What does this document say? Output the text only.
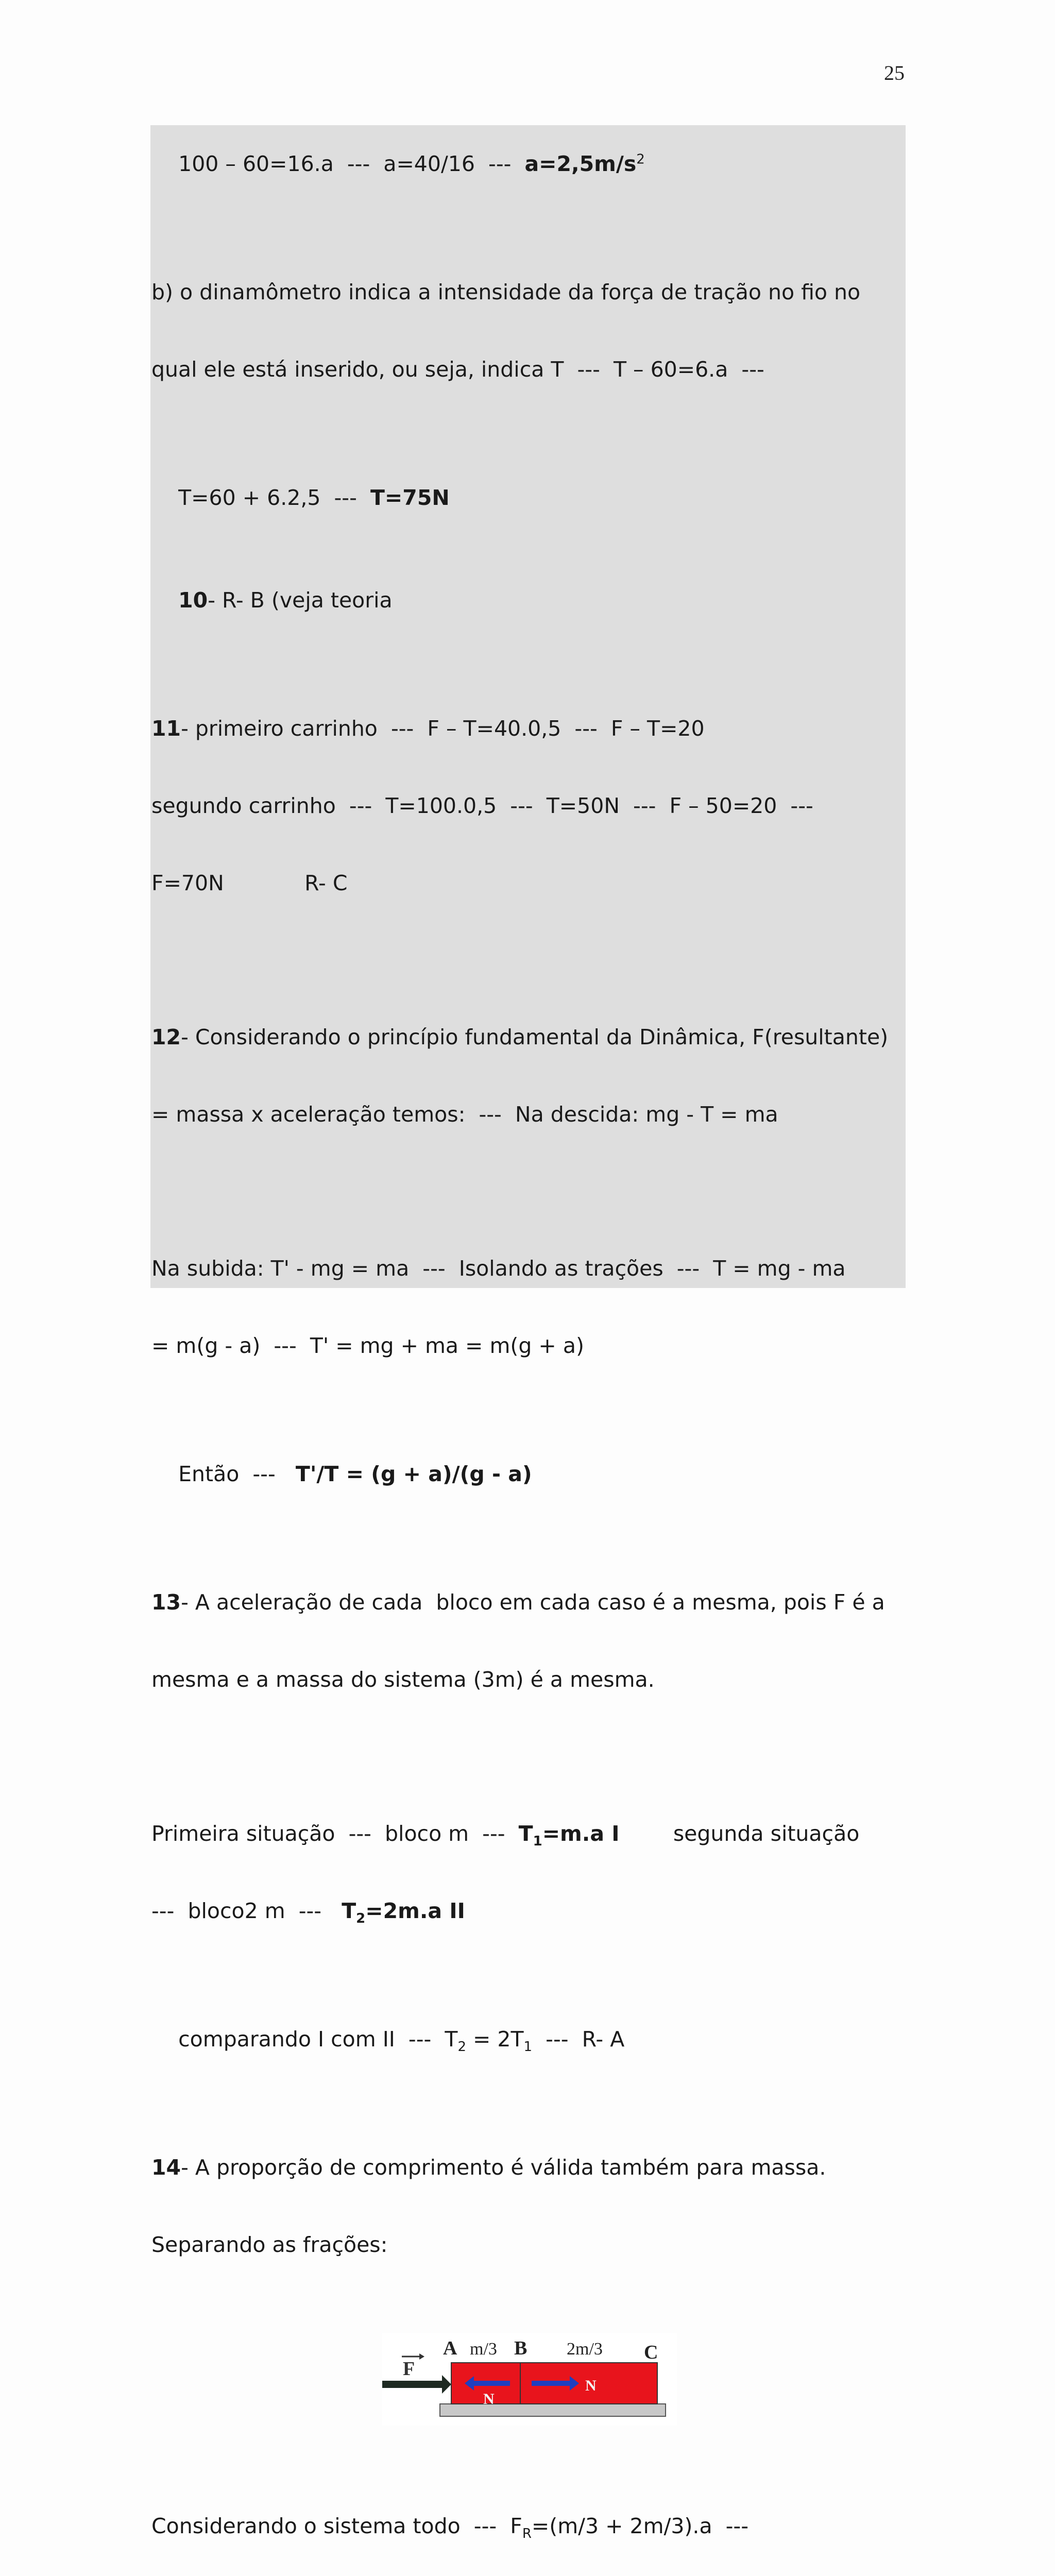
25

100 – 60=16.a  ---  a=40/16  ---  $a=2,5m/s^2$

b) o dinamômetro indica a intensidade da força de tração no fio no

qual ele está inserido, ou seja, indica T  ---  T – 60=6.a  ---

T=60 + 6.2,5  ---  T=75N

10- R- B (veja teoria

11- primeiro carrinho  ---  F – T=40.0,5  ---  F – T=20

segundo carrinho  ---  T=100.0,5  ---  T=50N  ---  F – 50=20  ---

F=70N            R- C

12- Considerando o princípio fundamental da Dinâmica, F(resultante)

= massa x aceleração temos:  ---  Na descida: mg - T = ma

Na subida: T' - mg = ma  ---  Isolando as trações  ---  T = mg - ma

= m(g - a)  ---  T' = mg + ma = m(g + a)

Então  ---   T'/T = (g + a)/(g - a)

13- A aceleração de cada  bloco em cada caso é a mesma, pois F é a

mesma e a massa do sistema (3m) é a mesma.

Primeira situação  ---  bloco m  ---  $T_1=m.a$ I        segunda situação

---  bloco2 m  ---   $T_2=2m.a$ II

comparando I com II  ---  $T_2 = 2T_1$  ---  R- A

14- A proporção de comprimento é válida também para massa.

Separando as frações:

F
A m/3 B 2m/3 C
N
N

Considerando o sistema todo  ---  $F_R=(m/3 + 2m/3).a$  ---
